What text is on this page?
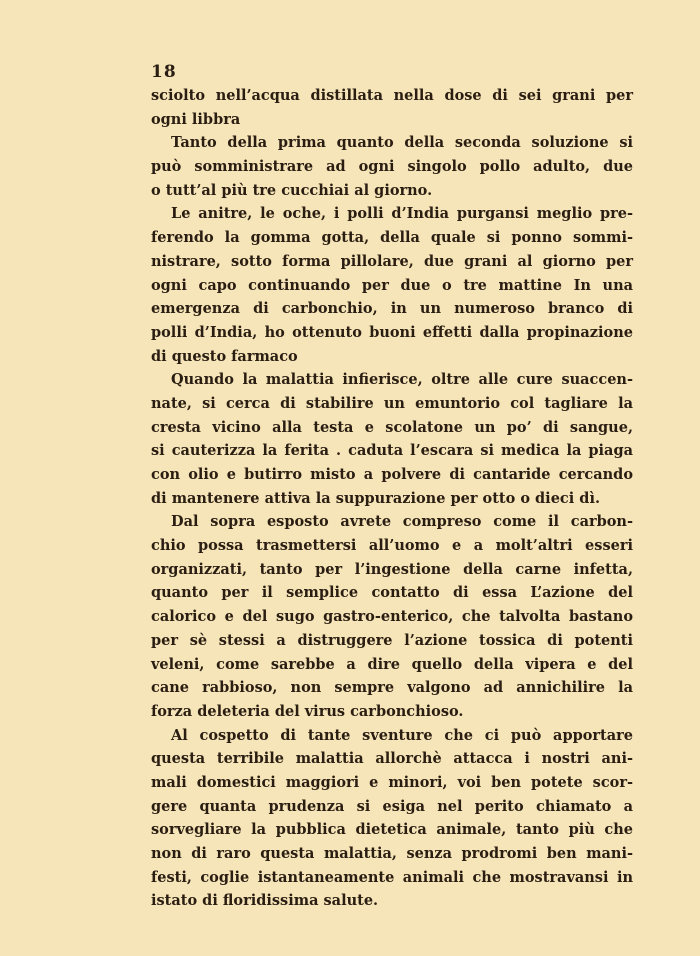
18
sciolto nell’acqua distillata nella dose di sei grani per
ogni libbra
Tanto della prima quanto della seconda soluzione si
può somministrare ad ogni singolo pollo adulto, due
o tutt’al più tre cucchiai al giorno.
Le anitre, le oche, i polli d’India purgansi meglio pre-
ferendo la gomma gotta, della quale si ponno sommi-
nistrare, sotto forma pillolare, due grani al giorno per
ogni capo continuando per due o tre mattine In una
emergenza di carbonchio, in un numeroso branco di
polli d’India, ho ottenuto buoni effetti dalla propinazione
di questo farmaco
Quando la malattia infierisce, oltre alle cure suaccen-
nate, si cerca di stabilire un emuntorio col tagliare la
cresta vicino alla testa e scolatone un po’ di sangue,
si cauterizza la ferita . caduta l’escara si medica la piaga
con olio e butirro misto a polvere di cantaride cercando
di mantenere attiva la suppurazione per otto o dieci dì.
Dal sopra esposto avrete compreso come il carbon-
chio possa trasmettersi all’uomo e a molt’altri esseri
organizzati, tanto per l’ingestione della carne infetta,
quanto per il semplice contatto di essa L’azione del
calorico e del sugo gastro-enterico, che talvolta bastano
per sè stessi a distruggere l’azione tossica di potenti
veleni, come sarebbe a dire quello della vipera e del
cane rabbioso, non sempre valgono ad annichilire la
forza deleteria del virus carbonchioso.
Al cospetto di tante sventure che ci può apportare
questa terribile malattia allorchè attacca i nostri ani-
mali domestici maggiori e minori, voi ben potete scor-
gere quanta prudenza si esiga nel perito chiamato a
sorvegliare la pubblica dietetica animale, tanto più che
non di raro questa malattia, senza prodromi ben mani-
festi, coglie istantaneamente animali che mostravansi in
istato di floridissima salute.
